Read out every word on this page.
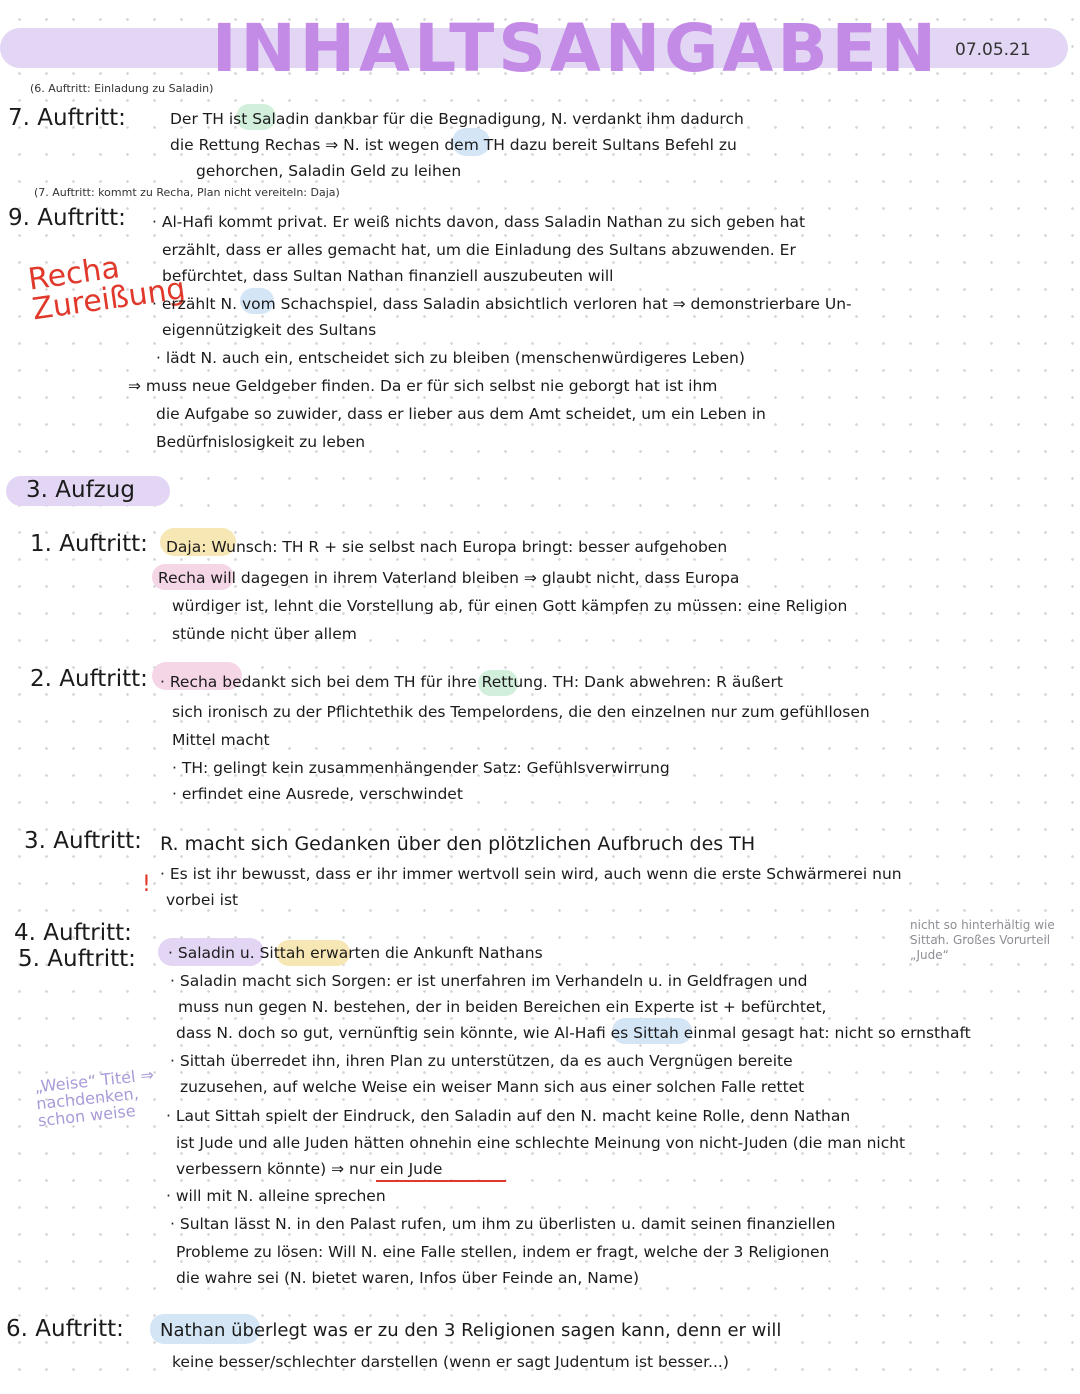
INHALTSANGABEN 07.05.21
(6. Auftritt: Einladung zu Saladin)
7. Auftritt:	Der TH ist Saladin dankbar für die Begnadigung, N. verdankt ihm dadurch
die Rettung Rechas ⇒ N. ist wegen dem TH dazu bereit Sultans Befehl zu
gehorchen, Saladin Geld zu leihen
(7. Auftritt: kommt zu Recha, Plan nicht vereiteln: Daja)
9. Auftritt:
Recha Zureißung
· Al-Hafi kommt privat. Er weiß nichts davon, dass Saladin Nathan zu sich geben hat
erzählt, dass er alles gemacht hat, um die Einladung des Sultans abzuwenden. Er
befürchtet, dass Sultan Nathan finanziell auszubeuten will
· erzählt N. vom Schachspiel, dass Saladin absichtlich verloren hat ⇒ demonstrierbare Un-
eigennützigkeit des Sultans
· lädt N. auch ein, entscheidet sich zu bleiben (menschenwürdigeres Leben)
⇒ muss neue Geldgeber finden. Da er für sich selbst nie geborgt hat ist ihm
die Aufgabe so zuwider, dass er lieber aus dem Amt scheidet, um ein Leben in
Bedürfnislosigkeit zu leben
3. Aufzug
1. Auftritt: Daja: Wunsch: TH R + sie selbst nach Europa bringt: besser aufgehoben
Recha will dagegen in ihrem Vaterland bleiben ⇒ glaubt nicht, dass Europa
würdiger ist, lehnt die Vorstellung ab, für einen Gott kämpfen zu müssen: eine Religion
stünde nicht über allem
2. Auftritt: · Recha bedankt sich bei dem TH für ihre Rettung. TH: Dank abwehren: R äußert
sich ironisch zu der Pflichtethik des Tempelordens, die den einzelnen nur zum gefühllosen
Mittel macht
· TH: gelingt kein zusammenhängender Satz: Gefühlsverwirrung
· erfindet eine Ausrede, verschwindet
3. Auftritt: R. macht sich Gedanken über den plötzlichen Aufbruch des TH
· Es ist ihr bewusst, dass er ihr immer wertvoll sein wird, auch wenn die erste Schwärmerei nun
!
vorbei ist
4. Auftritt:
5. Auftritt:
nicht so hinterhältig wie Sittah. Großes Vorurteil „Jude“
„Weise“ Titel ⇒ nachdenken, schon weise
· Saladin u. Sittah erwarten die Ankunft Nathans
· Saladin macht sich Sorgen: er ist unerfahren im Verhandeln u. in Geldfragen und
muss nun gegen N. bestehen, der in beiden Bereichen ein Experte ist + befürchtet,
dass N. doch so gut, vernünftig sein könnte, wie Al-Hafi es Sittah einmal gesagt hat: nicht so ernsthaft
· Sittah überredet ihn, ihren Plan zu unterstützen, da es auch Vergnügen bereite
zuzusehen, auf welche Weise ein weiser Mann sich aus einer solchen Falle rettet
· Laut Sittah spielt der Eindruck, den Saladin auf den N. macht keine Rolle, denn Nathan
ist Jude und alle Juden hätten ohnehin eine schlechte Meinung von nicht-Juden (die man nicht
verbessern könnte) ⇒ nur ein Jude
· will mit N. alleine sprechen
· Sultan lässt N. in den Palast rufen, um ihm zu überlisten u. damit seinen finanziellen
Probleme zu lösen: Will N. eine Falle stellen, indem er fragt, welche der 3 Religionen
die wahre sei (N. bietet waren, Infos über Feinde an, Name)
6. Auftritt: Nathan überlegt was er zu den 3 Religionen sagen kann, denn er will
keine besser/schlechter darstellen (wenn er sagt Judentum ist besser...)
